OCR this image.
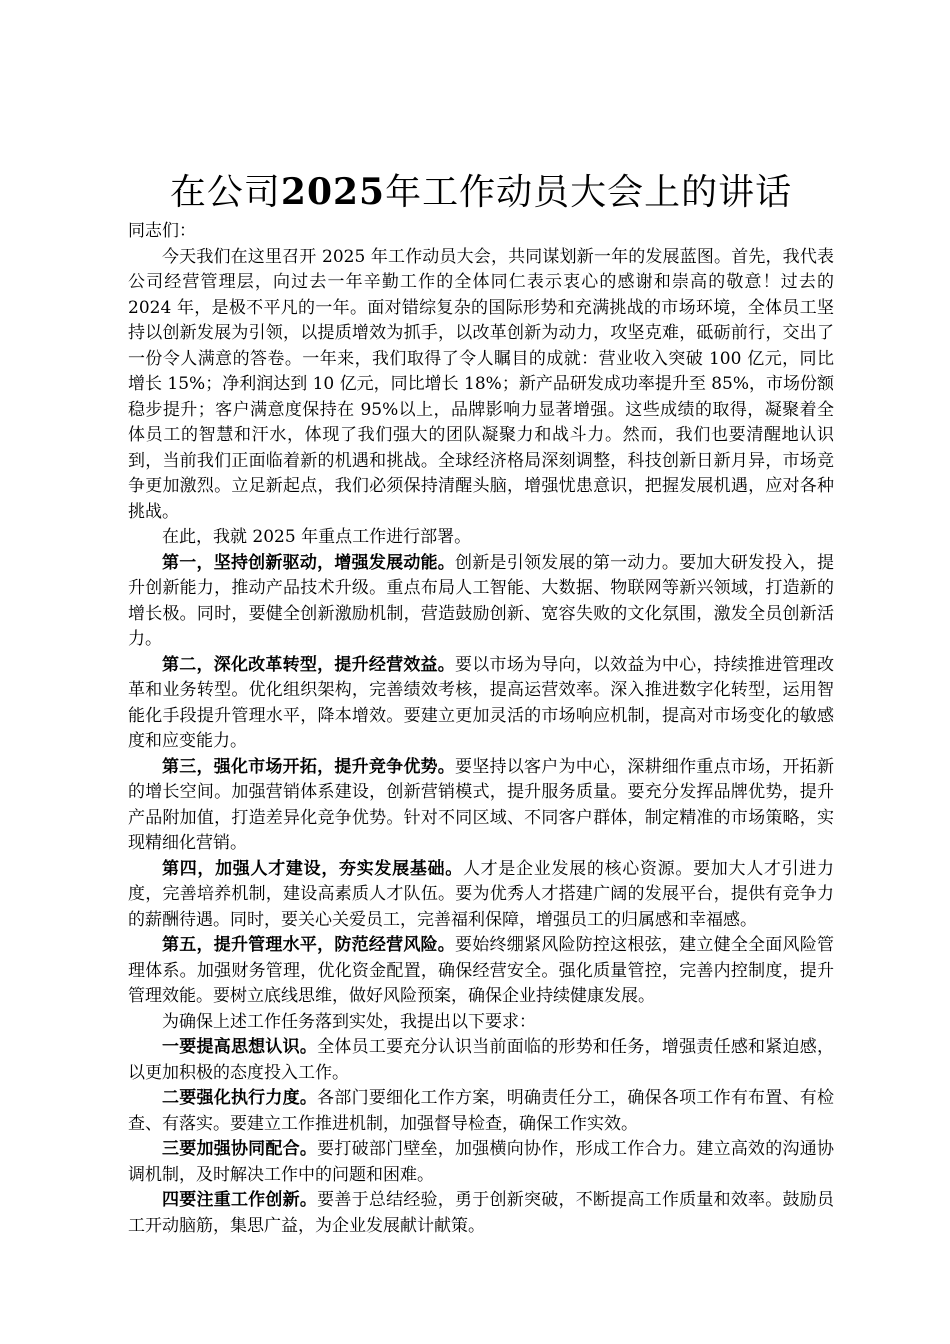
在公司2025年工作动员大会上的讲话

同志们：

今天我们在这里召开 2025 年工作动员大会，共同谋划新一年的发展蓝图。首先，我代表公司经营管理层，向过去一年辛勤工作的全体同仁表示衷心的感谢和崇高的敬意！过去的 2024 年，是极不平凡的一年。面对错综复杂的国际形势和充满挑战的市场环境，全体员工坚持以创新发展为引领，以提质增效为抓手，以改革创新为动力，攻坚克难，砥砺前行，交出了一份令人满意的答卷。一年来，我们取得了令人瞩目的成就：营业收入突破 100 亿元，同比增长 15%；净利润达到 10 亿元，同比增长 18%；新产品研发成功率提升至 85%，市场份额稳步提升；客户满意度保持在 95%以上，品牌影响力显著增强。这些成绩的取得，凝聚着全体员工的智慧和汗水，体现了我们强大的团队凝聚力和战斗力。然而，我们也要清醒地认识到，当前我们正面临着新的机遇和挑战。全球经济格局深刻调整，科技创新日新月异，市场竞争更加激烈。立足新起点，我们必须保持清醒头脑，增强忧患意识，把握发展机遇，应对各种挑战。

在此，我就 2025 年重点工作进行部署。

第一，坚持创新驱动，增强发展动能。创新是引领发展的第一动力。要加大研发投入，提升创新能力，推动产品技术升级。重点布局人工智能、大数据、物联网等新兴领域，打造新的增长极。同时，要健全创新激励机制，营造鼓励创新、宽容失败的文化氛围，激发全员创新活力。

第二，深化改革转型，提升经营效益。要以市场为导向，以效益为中心，持续推进管理改革和业务转型。优化组织架构，完善绩效考核，提高运营效率。深入推进数字化转型，运用智能化手段提升管理水平，降本增效。要建立更加灵活的市场响应机制，提高对市场变化的敏感度和应变能力。

第三，强化市场开拓，提升竞争优势。要坚持以客户为中心，深耕细作重点市场，开拓新的增长空间。加强营销体系建设，创新营销模式，提升服务质量。要充分发挥品牌优势，提升产品附加值，打造差异化竞争优势。针对不同区域、不同客户群体，制定精准的市场策略，实现精细化营销。

第四，加强人才建设，夯实发展基础。人才是企业发展的核心资源。要加大人才引进力度，完善培养机制，建设高素质人才队伍。要为优秀人才搭建广阔的发展平台，提供有竞争力的薪酬待遇。同时，要关心关爱员工，完善福利保障，增强员工的归属感和幸福感。

第五，提升管理水平，防范经营风险。要始终绷紧风险防控这根弦，建立健全全面风险管理体系。加强财务管理，优化资金配置，确保经营安全。强化质量管控，完善内控制度，提升管理效能。要树立底线思维，做好风险预案，确保企业持续健康发展。

为确保上述工作任务落到实处，我提出以下要求：

一要提高思想认识。全体员工要充分认识当前面临的形势和任务，增强责任感和紧迫感，以更加积极的态度投入工作。

二要强化执行力度。各部门要细化工作方案，明确责任分工，确保各项工作有布置、有检查、有落实。要建立工作推进机制，加强督导检查，确保工作实效。

三要加强协同配合。要打破部门壁垒，加强横向协作，形成工作合力。建立高效的沟通协调机制，及时解决工作中的问题和困难。

四要注重工作创新。要善于总结经验，勇于创新突破，不断提高工作质量和效率。鼓励员工开动脑筋，集思广益，为企业发展献计献策。
